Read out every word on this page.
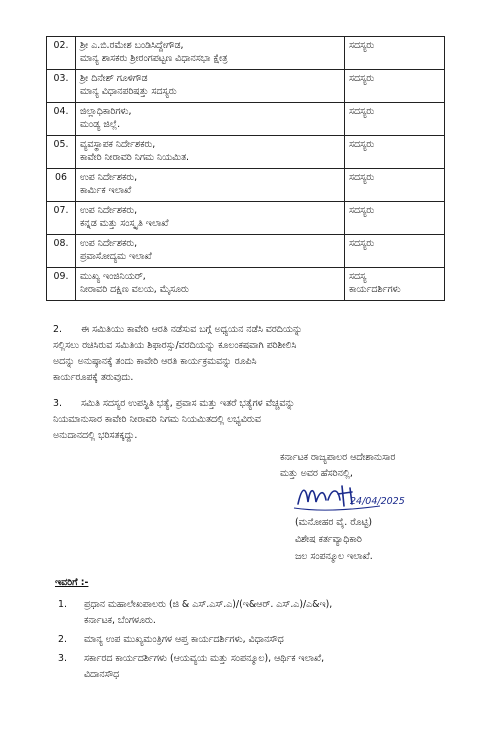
02.	ಶ್ರೀ ಎ.ಬಿ.ರಮೇಶ ಬಂಡಿಸಿದ್ದೇಗೌಡ,
ಮಾನ್ಯ ಶಾಸಕರು ಶ್ರೀರಂಗಪಟ್ಟಣ ವಿಧಾನಸಭಾ ಕ್ಷೇತ್ರ	ಸದಸ್ಯರು

03.	ಶ್ರೀ ದಿನೇಶ್ ಗೂಳಿಗೌಡ
ಮಾನ್ಯ ವಿಧಾನಪರಿಷತ್ತು ಸದಸ್ಯರು	ಸದಸ್ಯರು

04.	ಜಿಲ್ಲಾಧಿಕಾರಿಗಳು,
ಮಂಡ್ಯ ಜಿಲ್ಲೆ.	ಸದಸ್ಯರು

05.	ವ್ಯವಸ್ಥಾಪಕ ನಿರ್ದೇಶಕರು,
ಕಾವೇರಿ ನೀರಾವರಿ ನಿಗಮ ನಿಯಮಿತ.	ಸದಸ್ಯರು

06	ಉಪ ನಿರ್ದೇಶಕರು,
ಕಾರ್ಮಿಕ ಇಲಾಖೆ	ಸದಸ್ಯರು

07.	ಉಪ ನಿರ್ದೇಶಕರು,
ಕನ್ನಡ ಮತ್ತು ಸಂಸ್ಕೃತಿ ಇಲಾಖೆ	ಸದಸ್ಯರು

08.	ಉಪ ನಿರ್ದೇಶಕರು,
ಪ್ರವಾಸೋದ್ಯಮ ಇಲಾಖೆ	ಸದಸ್ಯರು

09.	ಮುಖ್ಯ ಇಂಜಿನಿಯರ್,
ನೀರಾವರಿ ದಕ್ಷಿಣ ವಲಯ, ಮೈಸೂರು	ಸದಸ್ಯ
ಕಾರ್ಯದರ್ಶಿಗಳು
2. ಈ ಸಮಿತಿಯು ಕಾವೇರಿ ಆರತಿ ನಡೆಸುವ ಬಗ್ಗೆ ಅಧ್ಯಯನ ನಡೆಸಿ ವರದಿಯನ್ನು
ಸಲ್ಲಿಸಲು ರಚಿಸಿರುವ ಸಮಿತಿಯ ಶಿಫಾರಸ್ಸು/ವರದಿಯನ್ನು ಕೂಲಂಕಷವಾಗಿ ಪರಿಶೀಲಿಸಿ
ಅದನ್ನು ಅನುಷ್ಠಾನಕ್ಕೆ ತಂದು ಕಾವೇರಿ ಆರತಿ ಕಾರ್ಯಕ್ರಮವನ್ನು ರೂಪಿಸಿ
ಕಾರ್ಯರೂಪಕ್ಕೆ ತರುವುದು.
3. ಸಮಿತಿ ಸದಸ್ಯರ ಉಪಸ್ಥಿತಿ ಭತ್ಯೆ, ಪ್ರವಾಸ ಮತ್ತು ಇತರೆ ಭತ್ಯೆಗಳ ವೆಚ್ಚವನ್ನು
ನಿಯಮಾನುಸಾರ ಕಾವೇರಿ ನೀರಾವರಿ ನಿಗಮ ನಿಯಮಿತದಲ್ಲಿ ಲಭ್ಯವಿರುವ
ಅನುದಾನದಲ್ಲಿ ಭರಿಸತಕ್ಕದ್ದು.
ಕರ್ನಾಟಕ ರಾಜ್ಯಪಾಲರ ಆದೇಶಾನುಸಾರ
ಮತ್ತು ಅವರ ಹೆಸರಿನಲ್ಲಿ,
24/04/2025
(ಮನೋಹರ ವೈ. ರೊಟ್ಟಿ)
ವಿಶೇಷ ಕರ್ತವ್ಯಾಧಿಕಾರಿ
ಜಲ ಸಂಪನ್ಮೂಲ ಇಲಾಖೆ.
ಇವರಿಗೆ :-
1. ಪ್ರಧಾನ ಮಹಾಲೇಖಪಾಲರು (ಜಿ & ಎಸ್.ಎಸ್.ಎ)/(ಇ&ಆರ್. ಎಸ್.ಎ)/ಎ&ಇ),
ಕರ್ನಾಟಕ, ಬೆಂಗಳೂರು.
2. ಮಾನ್ಯ ಉಪ ಮುಖ್ಯಮಂತ್ರಿಗಳ ಆಪ್ತ ಕಾರ್ಯದರ್ಶಿಗಳು, ವಿಧಾನಸೌಧ
3. ಸರ್ಕಾರದ ಕಾರ್ಯದರ್ಶಿಗಳು (ಆಯವ್ಯಯ ಮತ್ತು ಸಂಪನ್ಮೂಲ), ಆರ್ಥಿಕ ಇಲಾಖೆ,
ವಿದಾನಸೌಧ
